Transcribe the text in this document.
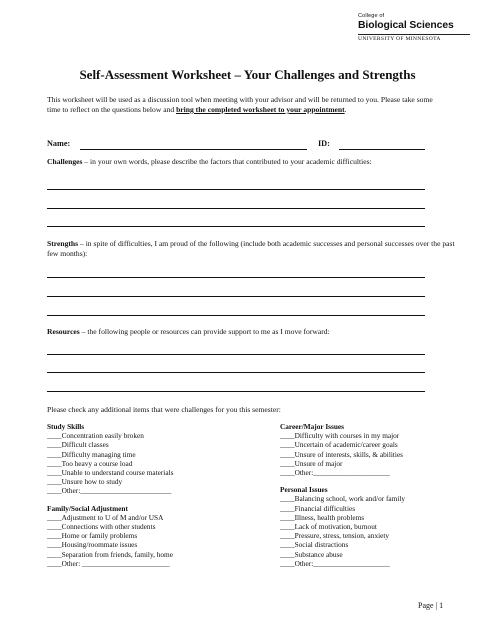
College of
Biological Sciences
UNIVERSITY OF MINNESOTA
Self-Assessment Worksheet – Your Challenges and Strengths
This worksheet will be used as a discussion tool when meeting with your advisor and will be returned to you. Please take some time to reflect on the questions below and bring the completed worksheet to your appointment.
Name:	ID:
Challenges – in your own words, please describe the factors that contributed to your academic difficulties:
Strengths – in spite of difficulties, I am proud of the following (include both academic successes and personal successes over the past few months):
Resources – the following people or resources can provide support to me as I move forward:
Please check any additional items that were challenges for you this semester:
Study Skills
____Concentration easily broken
____Difficult classes
____Difficulty managing time
____Too heavy a course load
____Unable to understand course materials
____Unsure how to study
____Other:_________________________
Family/Social Adjustment
____Adjustment to U of M and/or USA
____Connections with other students
____Home or family problems
____Housing/roommate issues
____Separation from friends, family, home
____Other: ________________________
Career/Major Issues
____Difficulty with courses in my major
____Uncertain of academic/career goals
____Unsure of interests, skills, & abilities
____Unsure of major
____Other:_____________________
Personal Issues
____Balancing school, work and/or family
____Financial difficulties
____Illness, health problems
____Lack of motivation, burnout
____Pressure, stress, tension, anxiety
____Social distractions
____Substance abuse
____Other:_____________________
Page | 1
